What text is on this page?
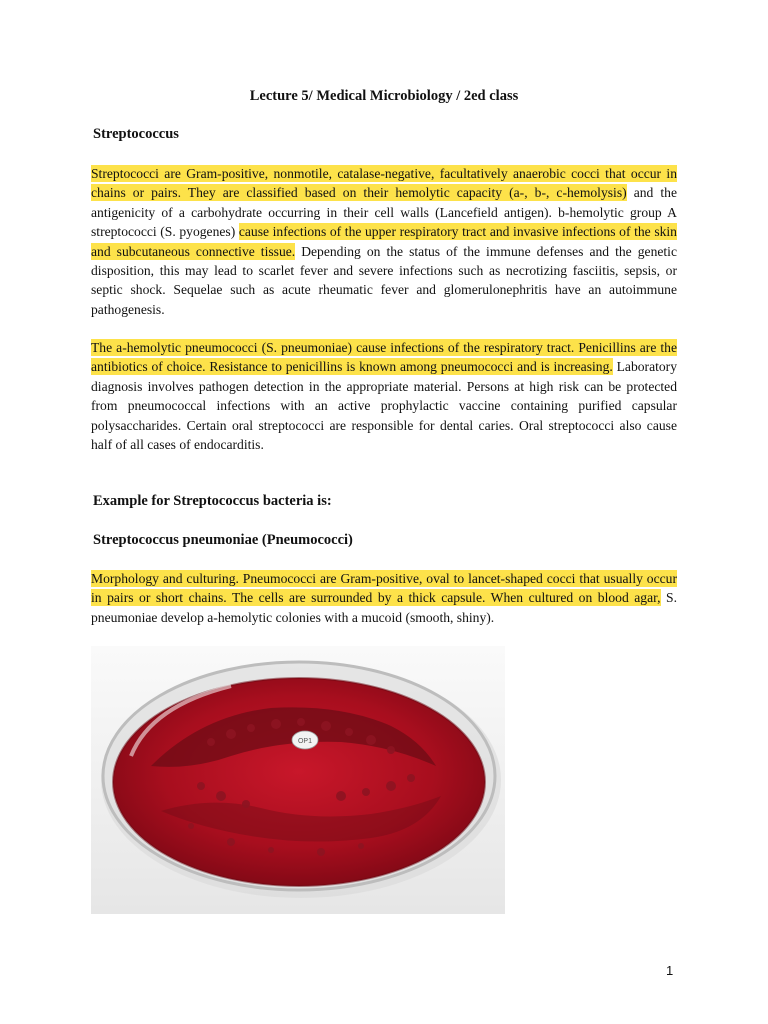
Lecture 5/ Medical Microbiology / 2ed class
Streptococcus

Streptococci are Gram-positive, nonmotile, catalase-negative, facultatively anaerobic cocci that occur in chains or pairs. They are classified based on their hemolytic capacity (a-, b-, c-hemolysis) and the antigenicity of a carbohydrate occurring in their cell walls (Lancefield antigen). b-hemolytic group A streptococci (S. pyogenes) cause infections of the upper respiratory tract and invasive infections of the skin and subcutaneous connective tissue. Depending on the status of the immune defenses and the genetic disposition, this may lead to scarlet fever and severe infections such as necrotizing fasciitis, sepsis, or septic shock. Sequelae such as acute rheumatic fever and glomerulonephritis have an autoimmune pathogenesis.

The a-hemolytic pneumococci (S. pneumoniae) cause infections of the respiratory tract. Penicillins are the antibiotics of choice. Resistance to penicillins is known among pneumococci and is increasing. Laboratory diagnosis involves pathogen detection in the appropriate material. Persons at high risk can be protected from pneumococcal infections with an active prophylactic vaccine containing purified capsular polysaccharides. Certain oral streptococci are responsible for dental caries. Oral streptococci also cause half of all cases of endocarditis.

Example for Streptococcus bacteria is:
Streptococcus pneumoniae (Pneumococci)

Morphology and culturing. Pneumococci are Gram-positive, oval to lancet-shaped cocci that usually occur in pairs or short chains. The cells are surrounded by a thick capsule. When cultured on blood agar, S. pneumoniae develop a-hemolytic colonies with a mucoid (smooth, shiny).

OP1
1
